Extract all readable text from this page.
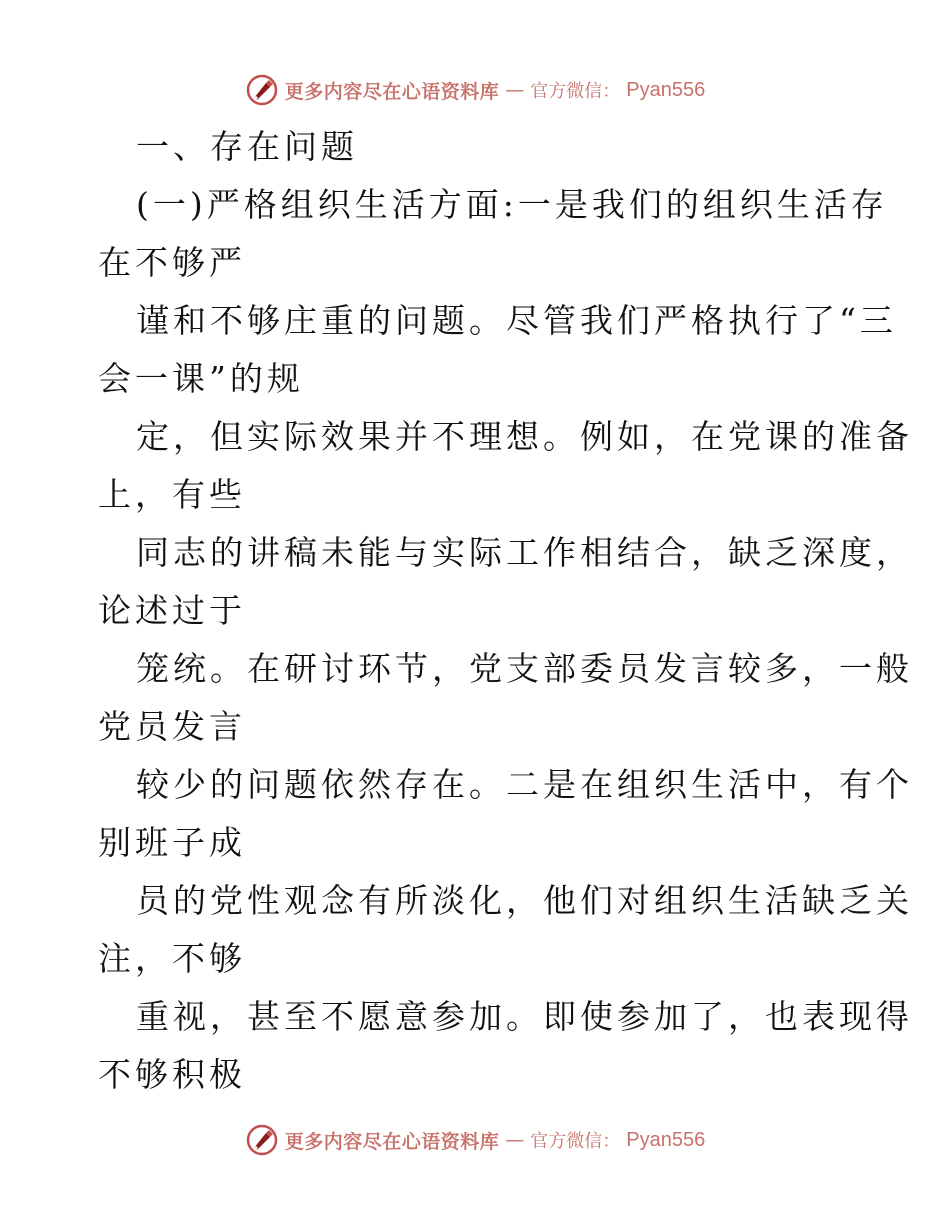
更多内容尽在心语资料库 — 官方微信： Pyan556
一、存在问题
(一)严格组织生活方面:一是我们的组织生活存
在不够严
谨和不够庄重的问题。尽管我们严格执行了“三
会一课”的规
定，但实际效果并不理想。例如，在党课的准备
上，有些
同志的讲稿未能与实际工作相结合，缺乏深度，
论述过于
笼统。在研讨环节，党支部委员发言较多，一般
党员发言
较少的问题依然存在。二是在组织生活中，有个
别班子成
员的党性观念有所淡化，他们对组织生活缺乏关
注，不够
重视，甚至不愿意参加。即使参加了，也表现得
不够积极
更多内容尽在心语资料库 — 官方微信： Pyan556
